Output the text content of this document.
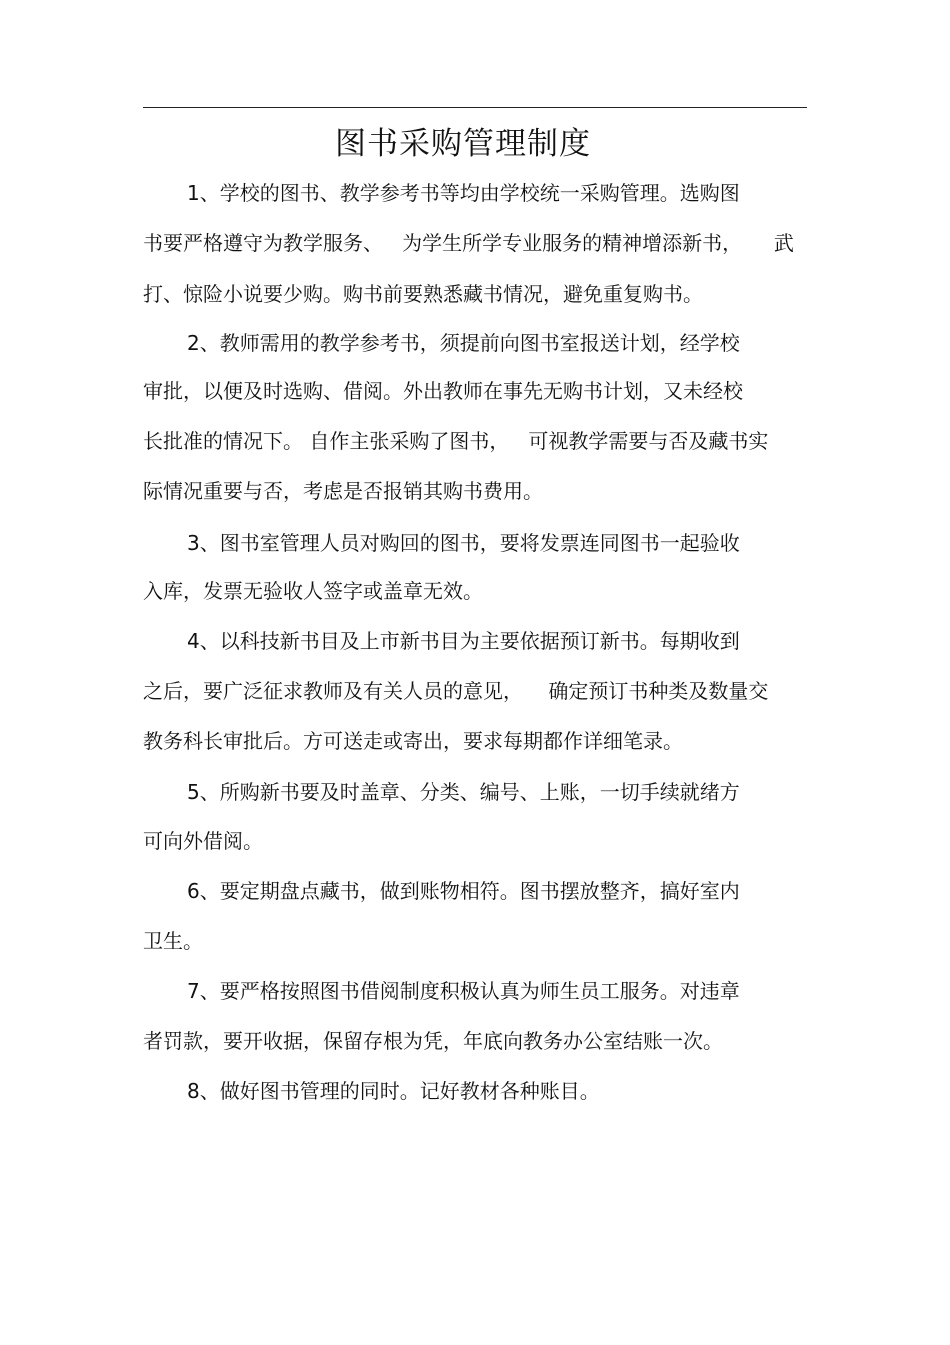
图书采购管理制度
1、学校的图书、教学参考书等均由学校统一采购管理。选购图
书要严格遵守为教学服务、   为学生所学专业服务的精神增添新书，     武
打、惊险小说要少购。购书前要熟悉藏书情况，避免重复购书。
2、教师需用的教学参考书，须提前向图书室报送计划，经学校
审批，以便及时选购、借阅。外出教师在事先无购书计划，又未经校
长批准的情况下。 自作主张采购了图书，   可视教学需要与否及藏书实
际情况重要与否，考虑是否报销其购书费用。
3、图书室管理人员对购回的图书，要将发票连同图书一起验收
入库，发票无验收人签字或盖章无效。
4、以科技新书目及上市新书目为主要依据预订新书。每期收到
之后，要广泛征求教师及有关人员的意见，    确定预订书种类及数量交
教务科长审批后。方可送走或寄出，要求每期都作详细笔录。
5、所购新书要及时盖章、分类、编号、上账，一切手续就绪方
可向外借阅。
6、要定期盘点藏书，做到账物相符。图书摆放整齐，搞好室内
卫生。
7、要严格按照图书借阅制度积极认真为师生员工服务。对违章
者罚款，要开收据，保留存根为凭，年底向教务办公室结账一次。
8、做好图书管理的同时。记好教材各种账目。
